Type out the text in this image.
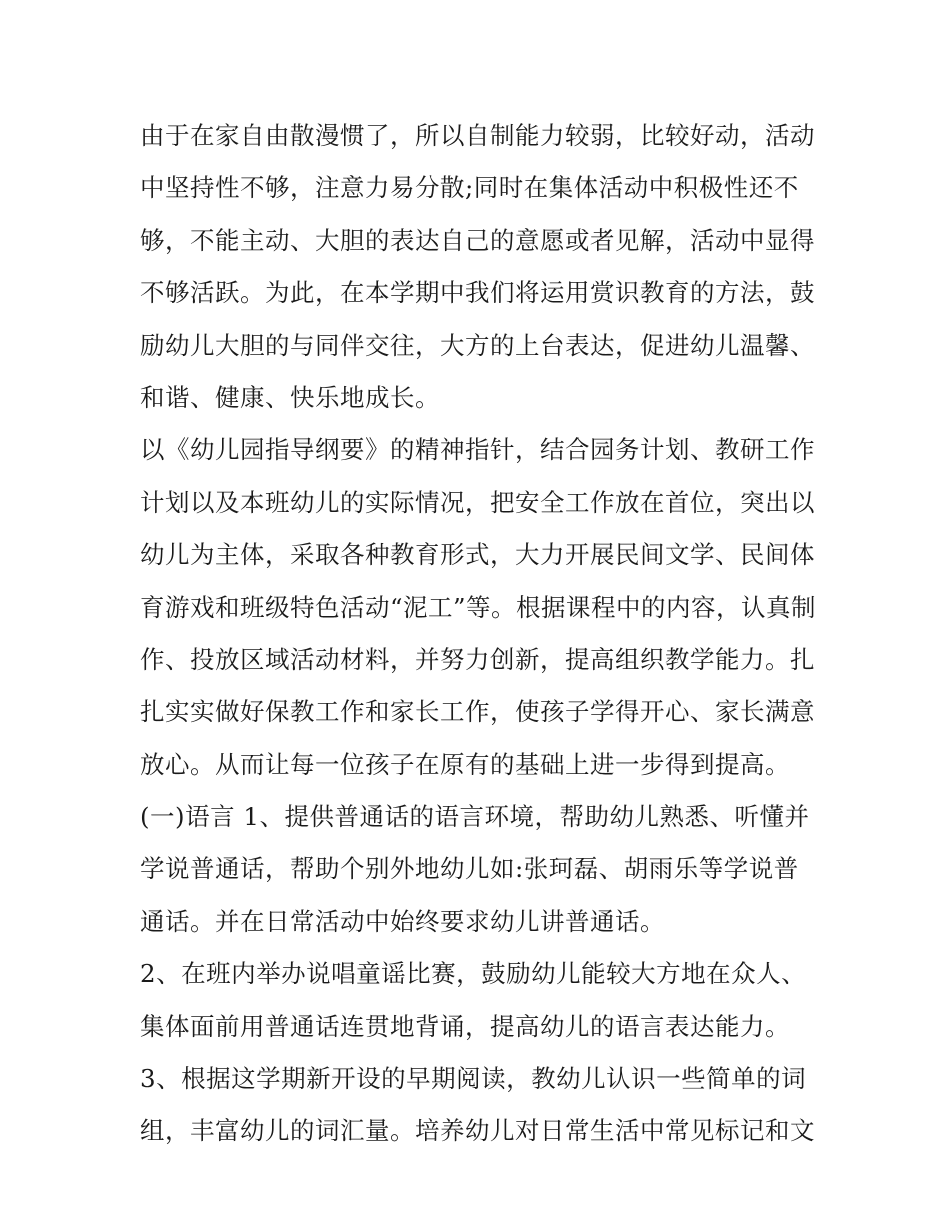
由于在家自由散漫惯了，所以自制能力较弱，比较好动，活动
中坚持性不够，注意力易分散;同时在集体活动中积极性还不
够，不能主动、大胆的表达自己的意愿或者见解，活动中显得
不够活跃。为此，在本学期中我们将运用赏识教育的方法，鼓
励幼儿大胆的与同伴交往，大方的上台表达，促进幼儿温馨、
和谐、健康、快乐地成长。
以《幼儿园指导纲要》的精神指针，结合园务计划、教研工作
计划以及本班幼儿的实际情况，把安全工作放在首位，突出以
幼儿为主体，采取各种教育形式，大力开展民间文学、民间体
育游戏和班级特色活动“泥工”等。根据课程中的内容，认真制
作、投放区域活动材料，并努力创新，提高组织教学能力。扎
扎实实做好保教工作和家长工作，使孩子学得开心、家长满意
放心。从而让每一位孩子在原有的基础上进一步得到提高。
(一)语言 1、提供普通话的语言环境，帮助幼儿熟悉、听懂并
学说普通话，帮助个别外地幼儿如:张珂磊、胡雨乐等学说普
通话。并在日常活动中始终要求幼儿讲普通话。
2、在班内举办说唱童谣比赛，鼓励幼儿能较大方地在众人、
集体面前用普通话连贯地背诵，提高幼儿的语言表达能力。
3、根据这学期新开设的早期阅读，教幼儿认识一些简单的词
组，丰富幼儿的词汇量。培养幼儿对日常生活中常见标记和文
